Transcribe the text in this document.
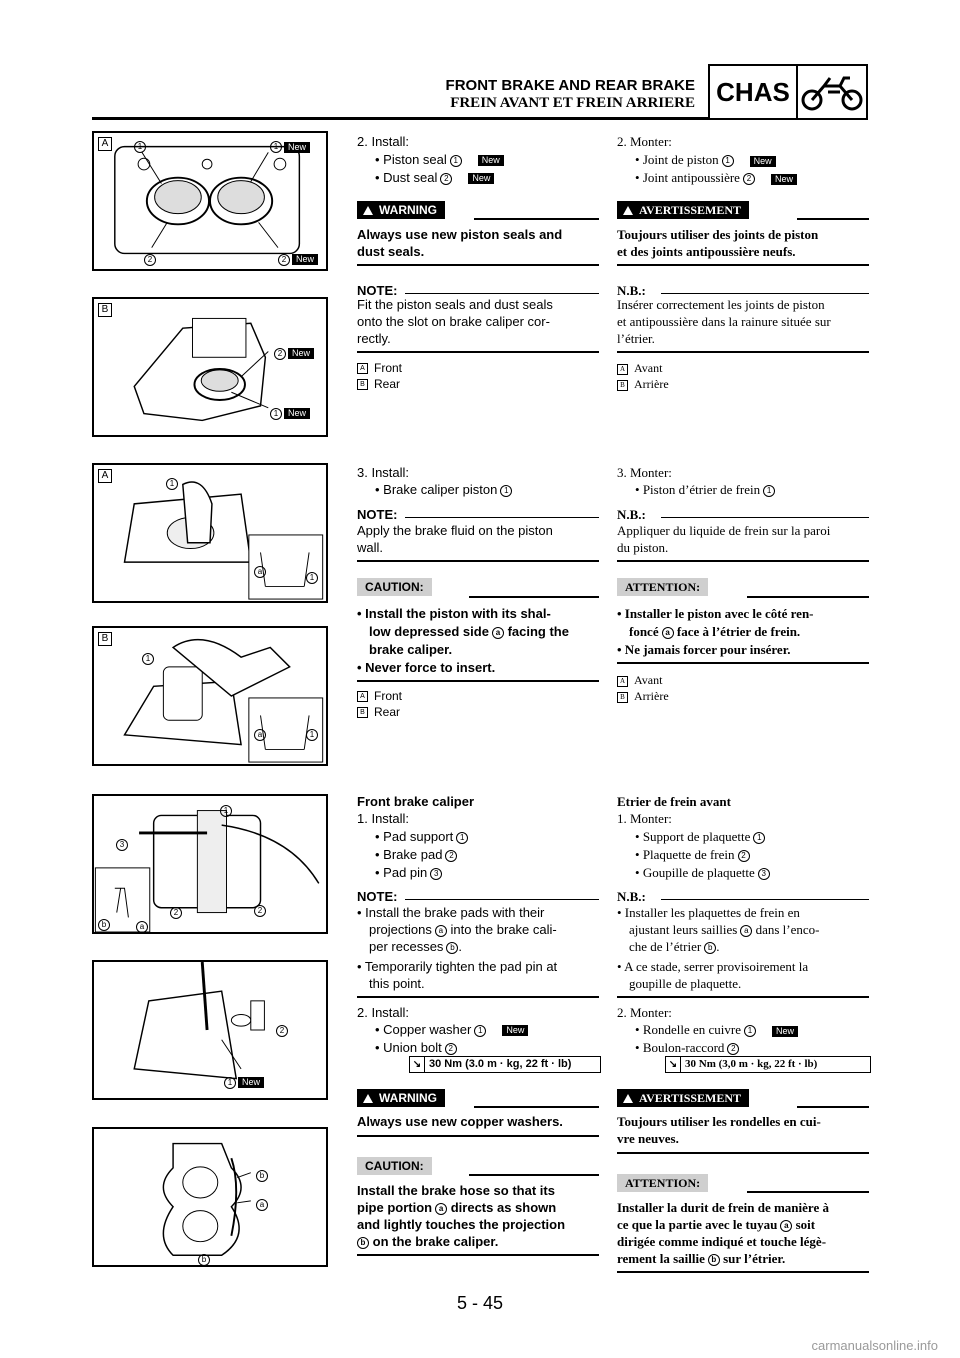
FRONT BRAKE AND REAR BRAKE
FREIN AVANT ET FREIN ARRIERE CHAS
A	1	1 New
2	2 New
B
2 New
1 New
A
1
a
1
B
1
a	1
1
3
2	2
b	a
2
1 New
b
a
b
2. Install:
• Piston seal 1	New
• Dust seal 2	New
WARNING
Always use new piston seals and
dust seals.
NOTE:
Fit the piston seals and dust seals
onto the slot on brake caliper cor-
rectly.
A Front
B Rear
3. Install:
• Brake caliper piston 1
NOTE:
Apply the brake fluid on the piston
wall.
CAUTION:
• Install the piston with its shal-
low depressed side a facing the
brake caliper.
• Never force to insert.
A Front
B Rear
Front brake caliper
1. Install:
• Pad support 1
• Brake pad 2
• Pad pin 3
NOTE:
• Install the brake pads with their
projections a into the brake cali-
per recesses b .
• Temporarily tighten the pad pin at
this point.
2. Install:
• Copper washer 1	New
• Union bolt 2
↘ 30 Nm (3.0 m · kg, 22 ft · lb)
WARNING
Always use new copper washers.
CAUTION:
Install the brake hose so that its
pipe portion a directs as shown
and lightly touches the projection
b on the brake caliper.
2. Monter:
• Joint de piston 1	New
• Joint antipoussière 2	New
AVERTISSEMENT
Toujours utiliser des joints de piston
et des joints antipoussière neufs.
N.B.:
Insérer correctement les joints de piston
et antipoussière dans la rainure située sur
l’étrier.
A Avant
B Arrière
3. Monter:
• Piston d’étrier de frein 1
N.B.:
Appliquer du liquide de frein sur la paroi
du piston.
ATTENTION:
• Installer le piston avec le côté ren-
foncé a face à l’étrier de frein.
• Ne jamais forcer pour insérer.
A Avant
B Arrière
Etrier de frein avant
1. Monter:
• Support de plaquette 1
• Plaquette de frein 2
• Goupille de plaquette 3
N.B.:
• Installer les plaquettes de frein en
ajustant leurs saillies a dans l’enco-
che de l’étrier b .
• A ce stade, serrer provisoirement la
goupille de plaquette.
2. Monter:
• Rondelle en cuivre 1	New
• Boulon-raccord 2
↘ 30 Nm (3,0 m · kg, 22 ft · lb)
AVERTISSEMENT
Toujours utiliser les rondelles en cui-
vre neuves.
ATTENTION:
Installer la durit de frein de manière à
ce que la partie avec le tuyau a soit
dirigée comme indiqué et touche légè-
rement la saillie b sur l’étrier.
5 - 45
carmanualsonline.info
